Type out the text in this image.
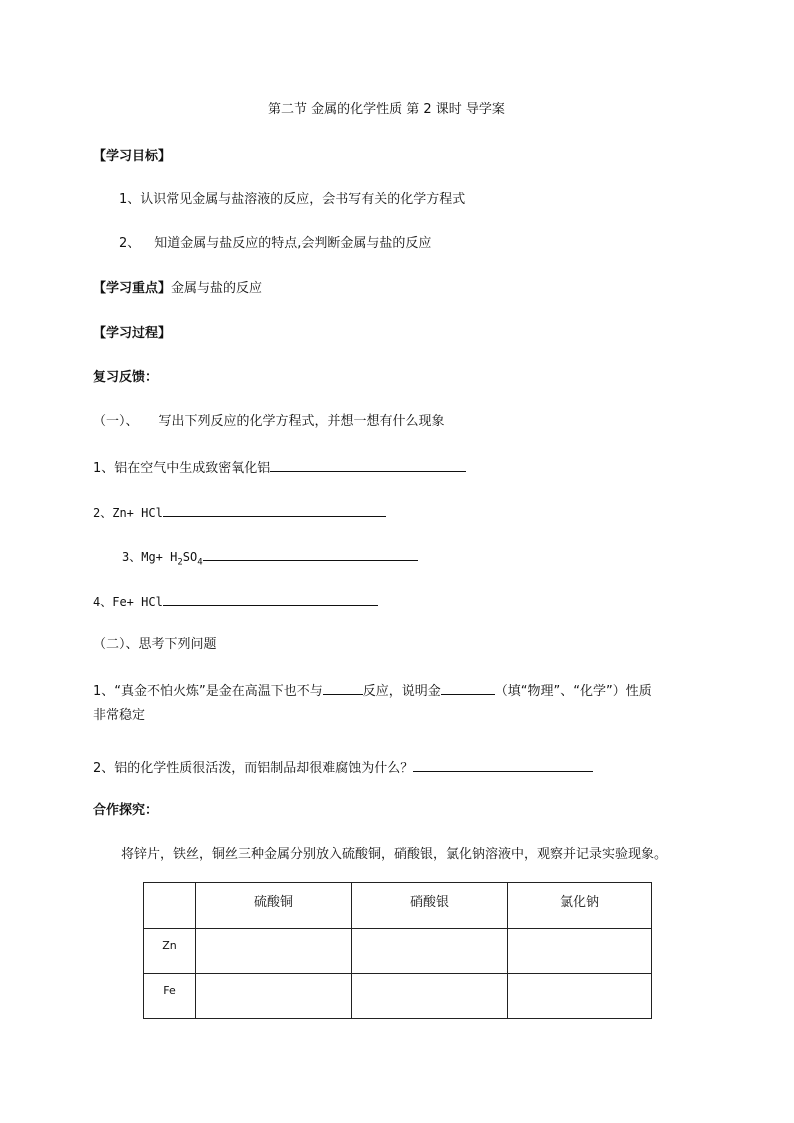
第二节 金属的化学性质 第 2 课时 导学案
【学习目标】
1、认识常见金属与盐溶液的反应，会书写有关的化学方程式
2、 知道金属与盐反应的特点,会判断金属与盐的反应
【学习重点】金属与盐的反应
【学习过程】
复习反馈：
（一）、 写出下列反应的化学方程式，并想一想有什么现象
1、铝在空气中生成致密氧化铝
2、Zn+ HCl
3、$Mg+ H_2SO_4$
4、Fe+ HCl
（二）、思考下列问题
1、“真金不怕火炼”是金在高温下也不与	反应，说明金	（填“物理”、“化学”）性质
非常稳定
2、铝的化学性质很活泼，而铝制品却很难腐蚀为什么？
合作探究：
将锌片，铁丝，铜丝三种金属分别放入硫酸铜，硝酸银，氯化钠溶液中，观察并记录实验现象。
	硫酸铜	硝酸银	氯化钠
Zn			
Fe			
